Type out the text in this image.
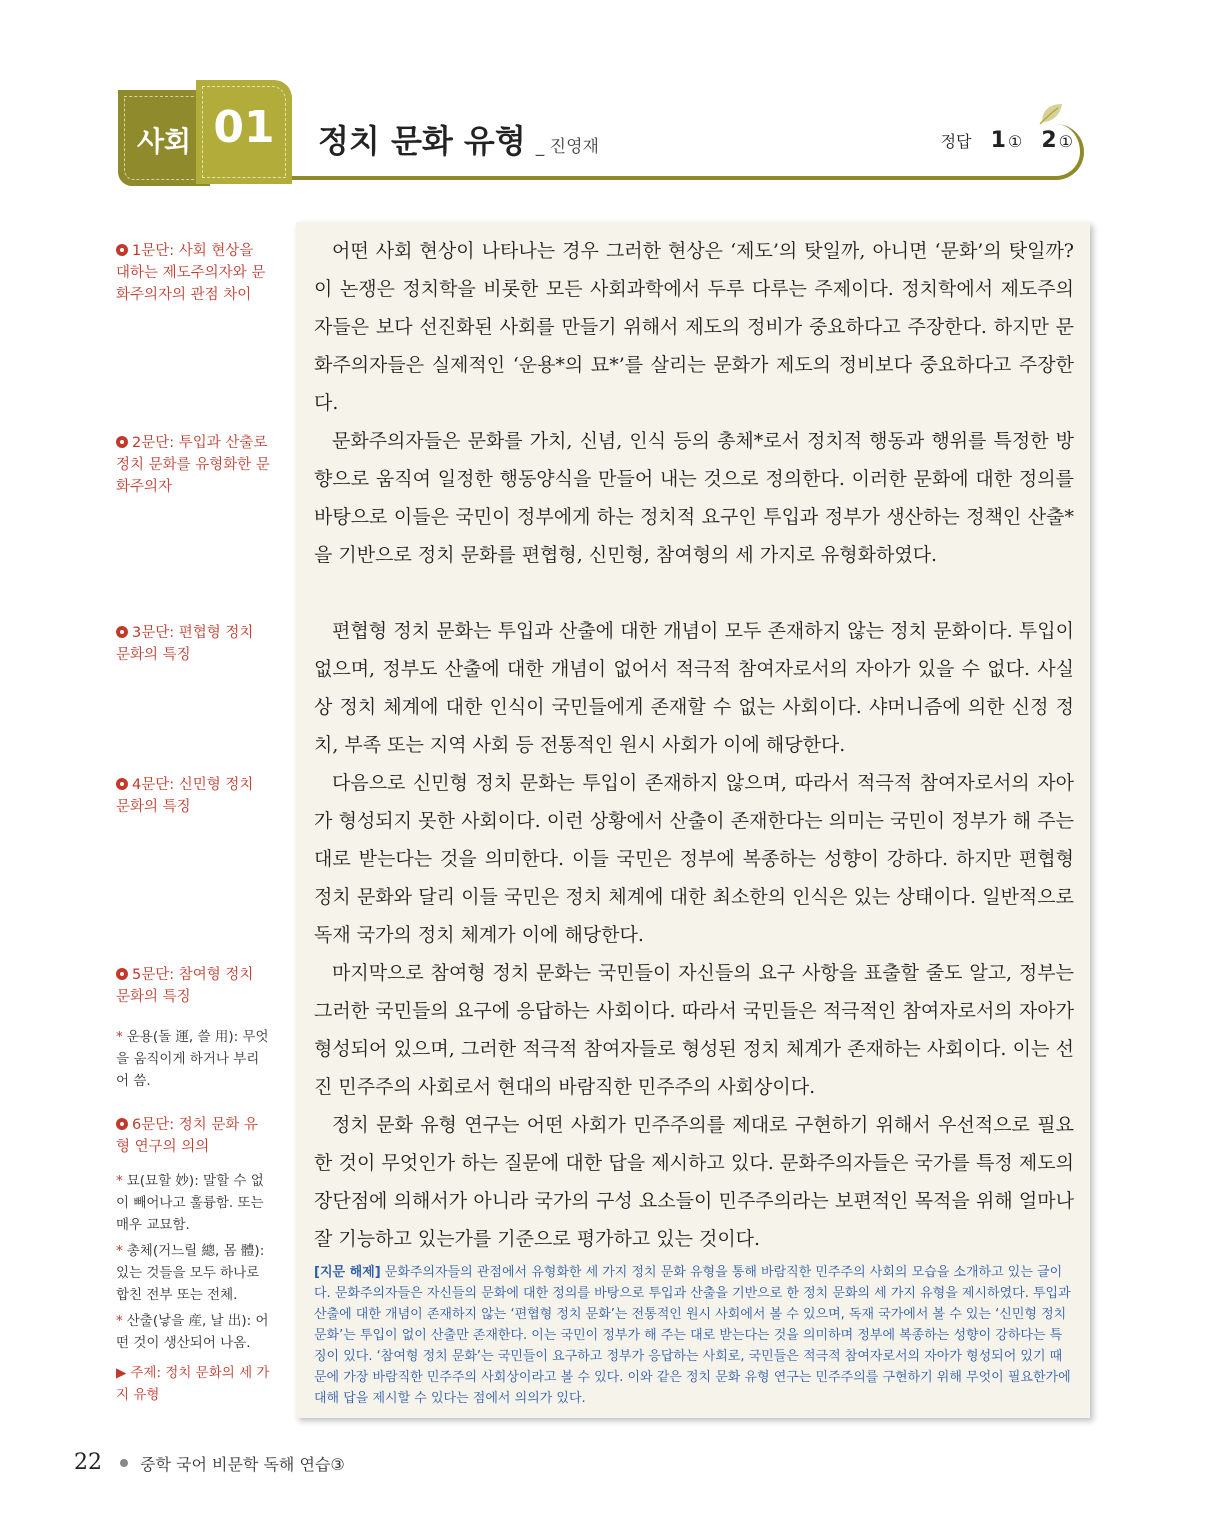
사회 01	정치 문화 유형 _ 진영재	정답 1 ① 2 ①
1문단: 사회 현상을 대하는 제도주의자와 문화주의자의 관점 차이
2문단: 투입과 산출로 정치 문화를 유형화한 문화주의자
3문단: 편협형 정치 문화의 특징
4문단: 신민형 정치 문화의 특징
5문단: 참여형 정치 문화의 특징
* 운용(돌 運, 쓸 用): 무엇을 움직이게 하거나 부리어 씀.
6문단: 정치 문화 유형 연구의 의의
* 묘(묘할 妙): 말할 수 없이 빼어나고 훌륭함. 또는 매우 교묘함.
* 총체(거느릴 總, 몸 體): 있는 것들을 모두 하나로 합친 전부 또는 전체.
* 산출(낳을 産, 날 出): 어떤 것이 생산되어 나옴.
▶ 주제: 정치 문화의 세 가지 유형

어떤 사회 현상이 나타나는 경우 그러한 현상은 ‘제도’의 탓일까, 아니면 ‘문화’의 탓일까? 이 논쟁은 정치학을 비롯한 모든 사회과학에서 두루 다루는 주제이다. 정치학에서 제도주의자들은 보다 선진화된 사회를 만들기 위해서 제도의 정비가 중요하다고 주장한다. 하지만 문화주의자들은 실제적인 ‘운용*의 묘*’를 살리는 문화가 제도의 정비보다 중요하다고 주장한다.

문화주의자들은 문화를 가치, 신념, 인식 등의 총체*로서 정치적 행동과 행위를 특정한 방향으로 움직여 일정한 행동양식을 만들어 내는 것으로 정의한다. 이러한 문화에 대한 정의를 바탕으로 이들은 국민이 정부에게 하는 정치적 요구인 투입과 정부가 생산하는 정책인 산출*을 기반으로 정치 문화를 편협형, 신민형, 참여형의 세 가지로 유형화하였다.

편협형 정치 문화는 투입과 산출에 대한 개념이 모두 존재하지 않는 정치 문화이다. 투입이 없으며, 정부도 산출에 대한 개념이 없어서 적극적 참여자로서의 자아가 있을 수 없다. 사실상 정치 체계에 대한 인식이 국민들에게 존재할 수 없는 사회이다. 샤머니즘에 의한 신정 정치, 부족 또는 지역 사회 등 전통적인 원시 사회가 이에 해당한다.

다음으로 신민형 정치 문화는 투입이 존재하지 않으며, 따라서 적극적 참여자로서의 자아가 형성되지 못한 사회이다. 이런 상황에서 산출이 존재한다는 의미는 국민이 정부가 해 주는 대로 받는다는 것을 의미한다. 이들 국민은 정부에 복종하는 성향이 강하다. 하지만 편협형 정치 문화와 달리 이들 국민은 정치 체계에 대한 최소한의 인식은 있는 상태이다. 일반적으로 독재 국가의 정치 체계가 이에 해당한다.

마지막으로 참여형 정치 문화는 국민들이 자신들의 요구 사항을 표출할 줄도 알고, 정부는 그러한 국민들의 요구에 응답하는 사회이다. 따라서 국민들은 적극적인 참여자로서의 자아가 형성되어 있으며, 그러한 적극적 참여자들로 형성된 정치 체계가 존재하는 사회이다. 이는 선진 민주주의 사회로서 현대의 바람직한 민주주의 사회상이다.

정치 문화 유형 연구는 어떤 사회가 민주주의를 제대로 구현하기 위해서 우선적으로 필요한 것이 무엇인가 하는 질문에 대한 답을 제시하고 있다. 문화주의자들은 국가를 특정 제도의 장단점에 의해서가 아니라 국가의 구성 요소들이 민주주의라는 보편적인 목적을 위해 얼마나 잘 기능하고 있는가를 기준으로 평가하고 있는 것이다.

[지문 해제] 문화주의자들의 관점에서 유형화한 세 가지 정치 문화 유형을 통해 바람직한 민주주의 사회의 모습을 소개하고 있는 글이다. 문화주의자들은 자신들의 문화에 대한 정의를 바탕으로 투입과 산출을 기반으로 한 정치 문화의 세 가지 유형을 제시하였다. 투입과 산출에 대한 개념이 존재하지 않는 ‘편협형 정치 문화’는 전통적인 원시 사회에서 볼 수 있으며, 독재 국가에서 볼 수 있는 ‘신민형 정치 문화’는 투입이 없이 산출만 존재한다. 이는 국민이 정부가 해 주는 대로 받는다는 것을 의미하며 정부에 복종하는 성향이 강하다는 특징이 있다. ‘참여형 정치 문화’는 국민들이 요구하고 정부가 응답하는 사회로, 국민들은 적극적 참여자로서의 자아가 형성되어 있기 때문에 가장 바람직한 민주주의 사회상이라고 볼 수 있다. 이와 같은 정치 문화 유형 연구는 민주주의를 구현하기 위해 무엇이 필요한가에 대해 답을 제시할 수 있다는 점에서 의의가 있다.
22 중학 국어 비문학 독해 연습③
